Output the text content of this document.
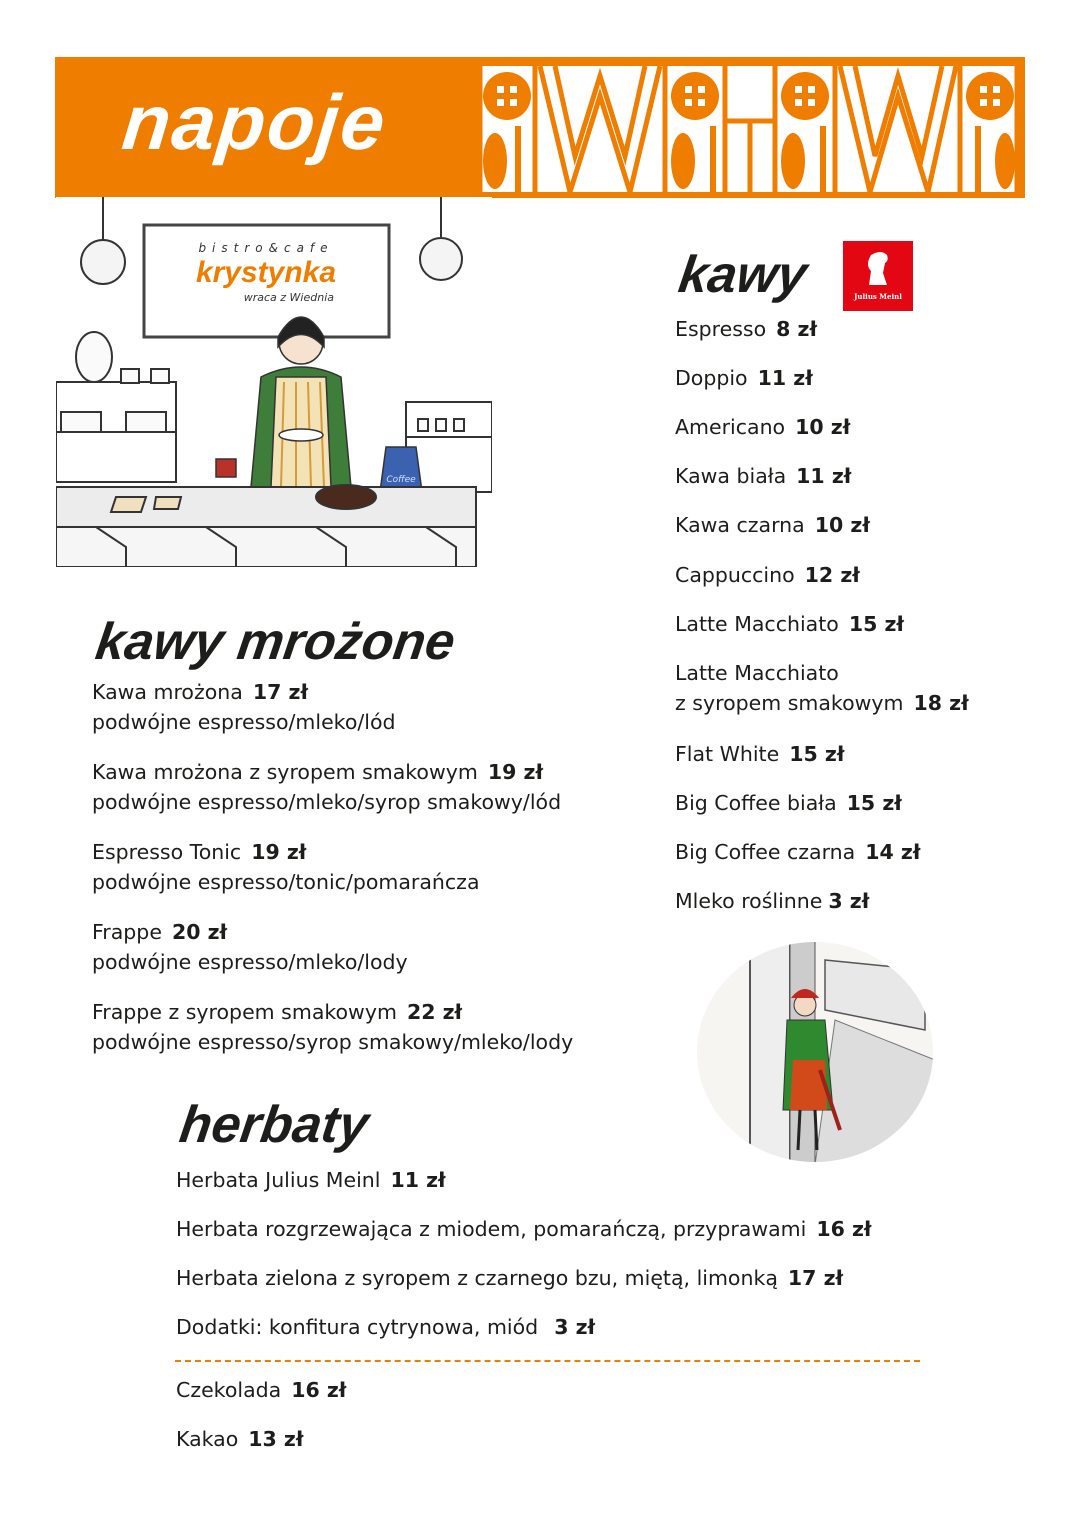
napoje
bistro&cafe
krystynka
wraca z Wiednia
Coffee
kawy	Julius Meinl
Espresso 8 zł
Doppio 11 zł
Americano 10 zł
Kawa biała 11 zł
Kawa czarna 10 zł
Cappuccino 12 zł
Latte Macchiato 15 zł
Latte Macchiato
z syropem smakowym 18 zł
Flat White 15 zł
Big Coffee biała 15 zł
Big Coffee czarna 14 zł
Mleko roślinne 3 zł
kawy mrożone
Kawa mrożona 17 zł
podwójne espresso/mleko/lód
Kawa mrożona z syropem smakowym 19 zł
podwójne espresso/mleko/syrop smakowy/lód
Espresso Tonic 19 zł
podwójne espresso/tonic/pomarańcza
Frappe 20 zł
podwójne espresso/mleko/lody
Frappe z syropem smakowym 22 zł
podwójne espresso/syrop smakowy/mleko/lody
herbaty
Herbata Julius Meinl 11 zł
Herbata rozgrzewająca z miodem, pomarańczą, przyprawami 16 zł
Herbata zielona z syropem z czarnego bzu, miętą, limonką 17 zł
Dodatki: konfitura cytrynowa, miód 3 zł
Czekolada 16 zł
Kakao 13 zł
